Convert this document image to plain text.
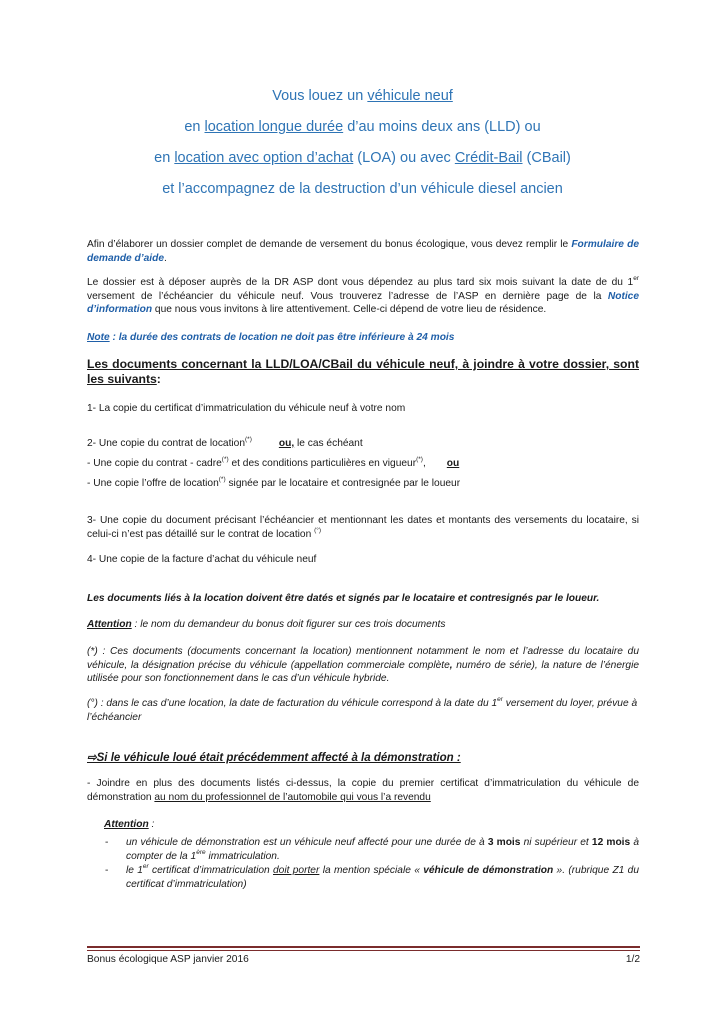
Vous louez un véhicule neuf
en location longue durée d’au moins deux ans (LLD) ou
en location avec option d’achat (LOA) ou avec Crédit-Bail (CBail)
et l’accompagnez de la destruction d’un véhicule diesel ancien
Afin d’élaborer un dossier complet de demande de versement du bonus écologique, vous devez remplir le Formulaire de demande d’aide.
Le dossier est à déposer auprès de la DR ASP dont vous dépendez au plus tard six mois suivant la date de du 1er versement de l’échéancier du véhicule neuf. Vous trouverez l’adresse de l’ASP en dernière page de la Notice d’information que nous vous invitons à lire attentivement. Celle-ci dépend de votre lieu de résidence.
Note : la durée des contrats de location ne doit pas être inférieure à 24 mois
Les documents concernant la LLD/LOA/CBail du véhicule neuf, à joindre à votre dossier, sont les suivants:
1- La copie du certificat d’immatriculation du véhicule neuf à votre nom
2- Une copie du contrat de location(*)	ou, le cas échéant
- Une copie du contrat - cadre(*) et des conditions particulières en vigueur(*), ou
- Une copie l’offre de location(*) signée par le locataire et contresignée par le loueur
3- Une copie du document précisant l’échéancier et mentionnant les dates et montants des versements du locataire, si celui-ci n’est pas détaillé sur le contrat de location (°)
4- Une copie de la facture d’achat du véhicule neuf
Les documents liés à la location doivent être datés et signés par le locataire et contresignés par le loueur.
Attention : le nom du demandeur du bonus doit figurer sur ces trois documents
(*) : Ces documents (documents concernant la location) mentionnent notamment le nom et l’adresse du locataire du véhicule, la désignation précise du véhicule (appellation commerciale complète, numéro de série), la nature de l’énergie utilisée pour son fonctionnement dans le cas d’un véhicule hybride.
(°) : dans le cas d’une location, la date de facturation du véhicule correspond à la date du 1er versement du loyer, prévue à l’échéancier
⇨Si le véhicule loué était précédemment affecté à la démonstration :
- Joindre en plus des documents listés ci-dessus, la copie du premier certificat d’immatriculation du véhicule de démonstration au nom du professionnel de l’automobile qui vous l’a revendu
Attention :
- un véhicule de démonstration est un véhicule neuf affecté pour une durée de à 3 mois ni supérieur et 12 mois à compter de la 1ère immatriculation.
- le 1er certificat d’immatriculation doit porter la mention spéciale « véhicule de démonstration ». (rubrique Z1 du certificat d’immatriculation)
Bonus écologique ASP janvier 2016	1/2
